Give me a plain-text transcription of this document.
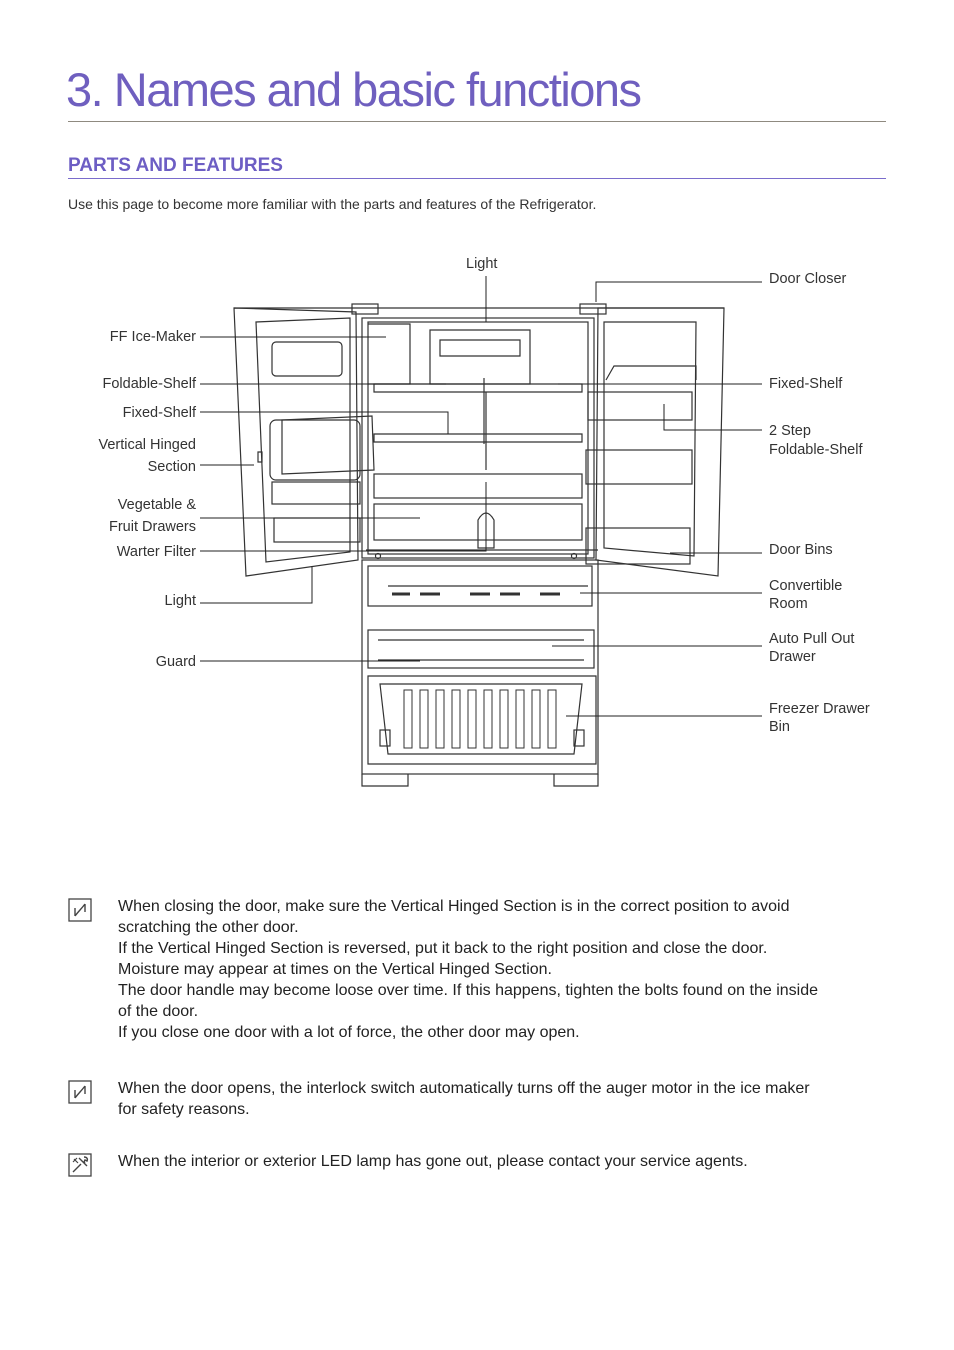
3. Names and basic functions
PARTS AND FEATURES
Use this page to become more familiar with the parts and features of the Refrigerator.
Light
Door Closer
FF Ice-Maker
Foldable-Shelf
Fixed-Shelf
Vertical Hinged
Section
Vegetable &
Fruit Drawers
Warter Filter
Light
Guard
Fixed-Shelf
2 Step
Foldable-Shelf
Door Bins
Convertible
Room
Auto Pull Out
Drawer
Freezer Drawer
Bin
When closing the door, make sure the Vertical Hinged Section is in the correct position to avoid
scratching the other door.
If the Vertical Hinged Section is reversed, put it back to the right position and close the door.
Moisture may appear at times on the Vertical Hinged Section.
The door handle may become loose over time. If this happens, tighten the bolts found on the inside
of the door.
If you close one door with a lot of force, the other door may open.
When the door opens, the interlock switch automatically turns off the auger motor in the ice maker
for safety reasons.
When the interior or exterior LED lamp has gone out, please contact your service agents.
